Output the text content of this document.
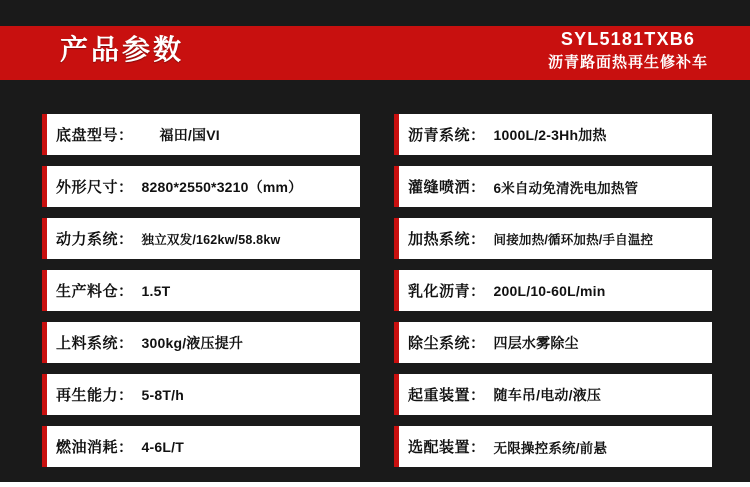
产品参数	SYL5181TXB6
沥青路面热再生修补车
底盘型号： 福田/国VI
外形尺寸： 8280*2550*3210（mm）
动力系统： 独立双发/162kw/58.8kw
生产料仓： 1.5T
上料系统： 300kg/液压提升
再生能力： 5-8T/h
燃油消耗： 4-6L/T
沥青系统： 1000L/2-3Hh加热
灌缝喷洒： 6米自动免清洗电加热管
加热系统： 间接加热/循环加热/手自温控
乳化沥青： 200L/10-60L/min
除尘系统： 四层水雾除尘
起重装置： 随车吊/电动/液压
选配装置： 无限操控系统/前悬
